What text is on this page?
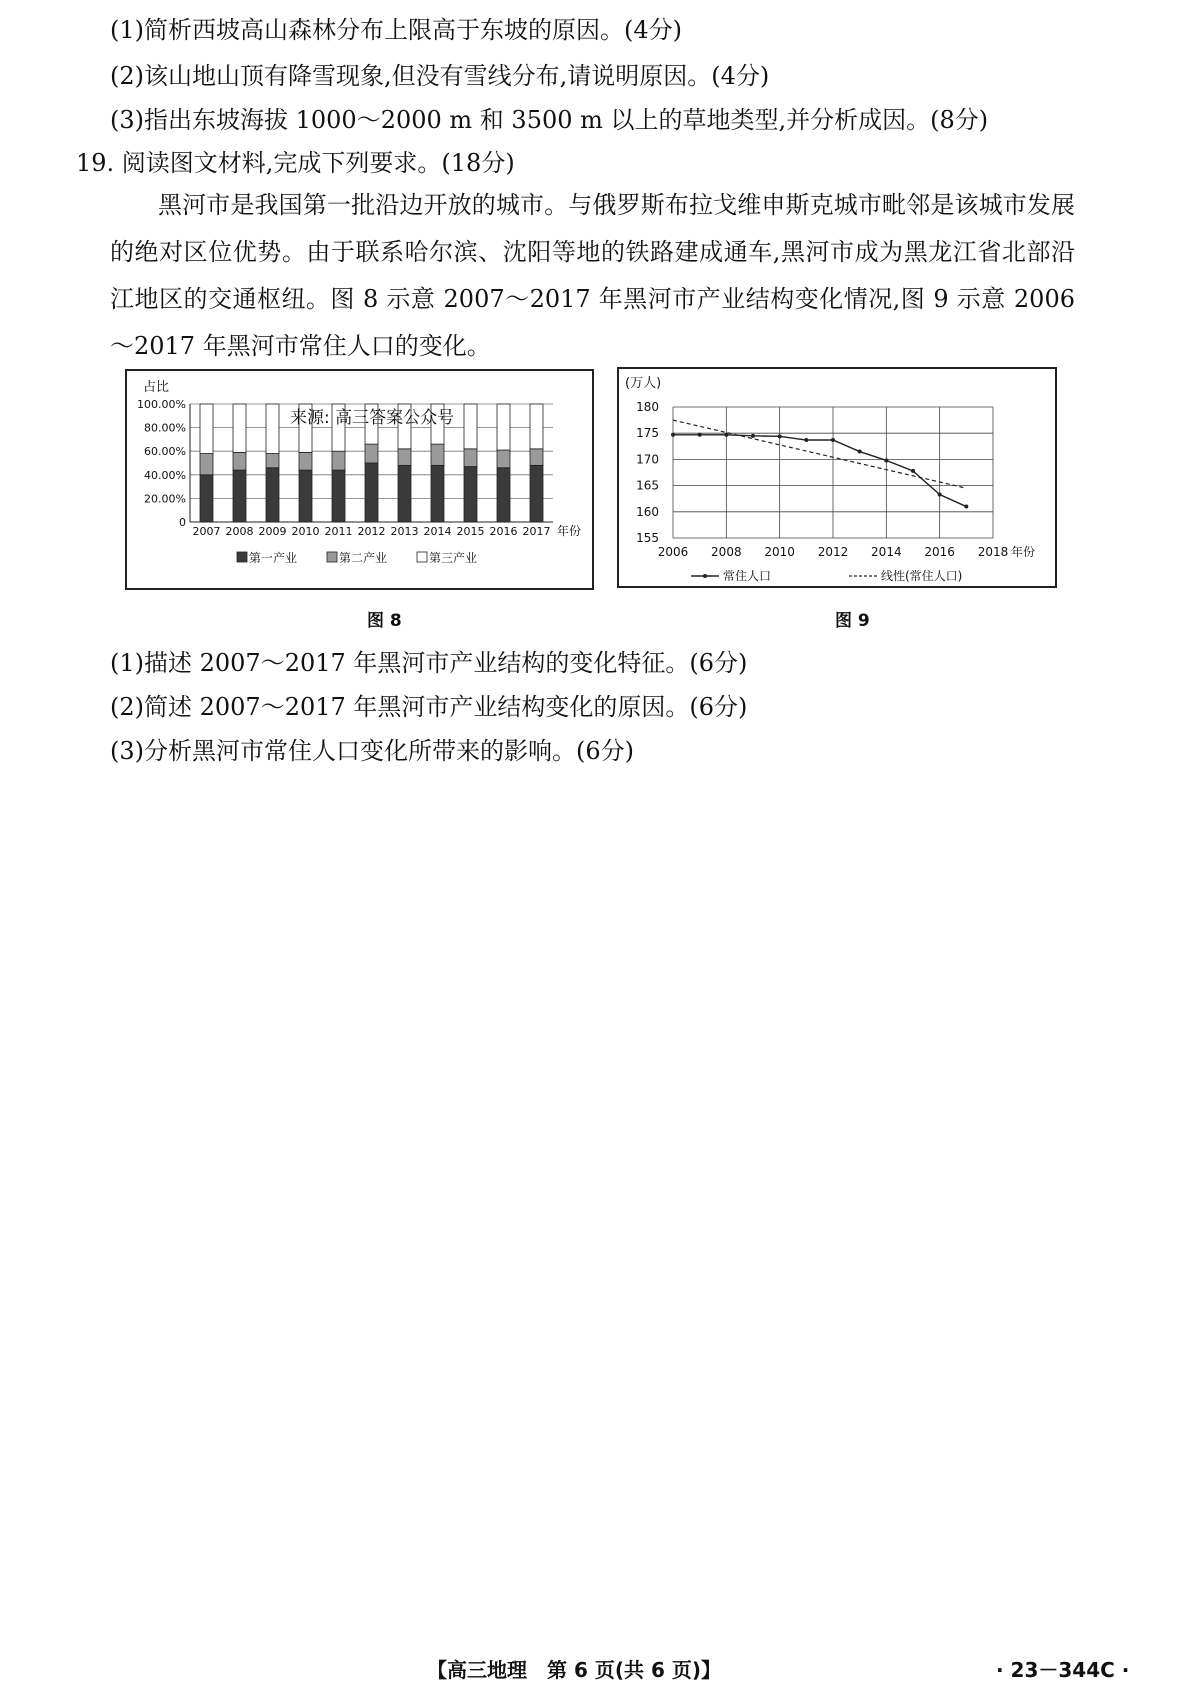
(1)简析西坡高山森林分布上限高于东坡的原因。(4分)
(2)该山地山顶有降雪现象,但没有雪线分布,请说明原因。(4分)
(3)指出东坡海拔 1000～2000 m 和 3500 m 以上的草地类型,并分析成因。(8分)
19. 阅读图文材料,完成下列要求。(18分)
黑河市是我国第一批沿边开放的城市。与俄罗斯布拉戈维申斯克城市毗邻是该城市发展的绝对区位优势。由于联系哈尔滨、沈阳等地的铁路建成通车,黑河市成为黑龙江省北部沿江地区的交通枢纽。图 8 示意 2007～2017 年黑河市产业结构变化情况,图 9 示意 2006～2017 年黑河市常住人口的变化。
占比
0
20.00%
40.00%
60.00%
80.00%
100.00%
2007 2008 2009 2010 2011 2012 2013 2014 2015 2016 2017 年份
来源: 高三答案公众号
第一产业	第二产业	第三产业
图 8
(万人)
155
160
165
170
175
180
2006 2008 2010 2012 2014 2016 2018 年份
常住人口	线性(常住人口)
图 9
(1)描述 2007～2017 年黑河市产业结构的变化特征。(6分)
(2)简述 2007～2017 年黑河市产业结构变化的原因。(6分)
(3)分析黑河市常住人口变化所带来的影响。(6分)
【高三地理　第 6 页(共 6 页)】	· 23－344C ·
